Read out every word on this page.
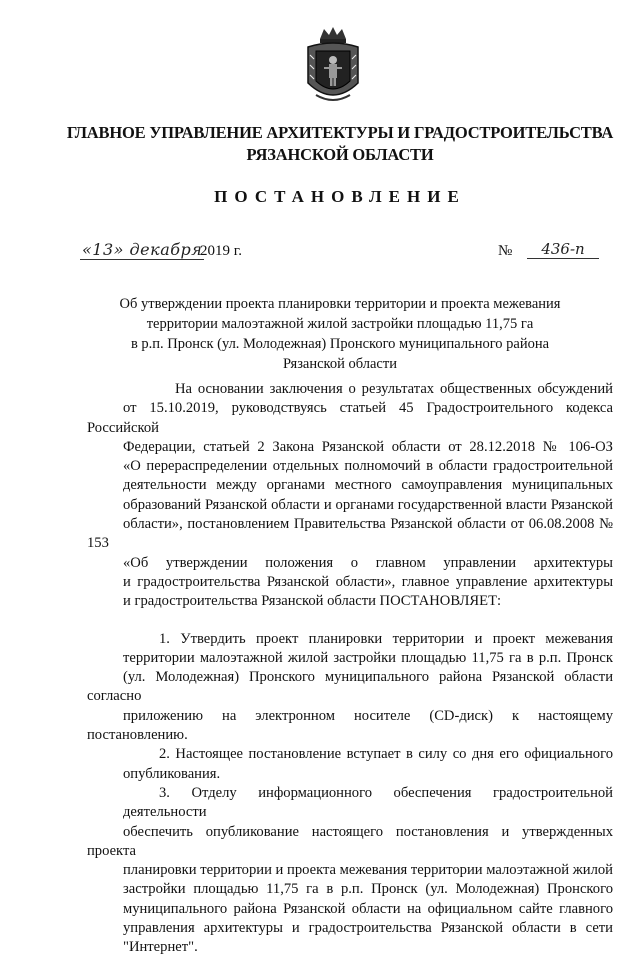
ГЛАВНОЕ УПРАВЛЕНИЕ АРХИТЕКТУРЫ И ГРАДОСТРОИТЕЛЬСТВА
РЯЗАНСКОЙ ОБЛАСТИ
ПОСТАНОВЛЕНИЕ
«13» декабря
2019 г.	№	436-п
Об утверждении проекта планировки территории и проекта межевания
территории малоэтажной жилой застройки площадью 11,75 га
в р.п. Пронск (ул. Молодежная) Пронского муниципального района
Рязанской области

На основании заключения о результатах общественных обсуждений
от 15.10.2019, руководствуясь статьей 45 Градостроительного кодекса Российской
Федерации, статьей 2 Закона Рязанской области от 28.12.2018 № 106-ОЗ
«О перераспределении отдельных полномочий в области градостроительной
деятельности между органами местного самоуправления муниципальных
образований Рязанской области и органами государственной власти Рязанской
области», постановлением Правительства Рязанской области от 06.08.2008 № 153
«Об утверждении положения о главном управлении архитектуры
и градостроительства Рязанской области», главное управление архитектуры
и градостроительства Рязанской области ПОСТАНОВЛЯЕТ:

1. Утвердить проект планировки территории и проект межевания
территории малоэтажной жилой застройки площадью 11,75 га в р.п. Пронск
(ул. Молодежная) Пронского муниципального района Рязанской области согласно
приложению на электронном носителе (CD-диск) к настоящему постановлению.

2. Настоящее постановление вступает в силу со дня его официального
опубликования.

3. Отделу информационного обеспечения градостроительной деятельности
обеспечить опубликование настоящего постановления и утвержденных проекта
планировки территории и проекта межевания территории малоэтажной жилой
застройки площадью 11,75 га в р.п. Пронск (ул. Молодежная) Пронского
муниципального района Рязанской области на официальном сайте главного
управления архитектуры и градостроительства Рязанской области в сети
"Интернет".
